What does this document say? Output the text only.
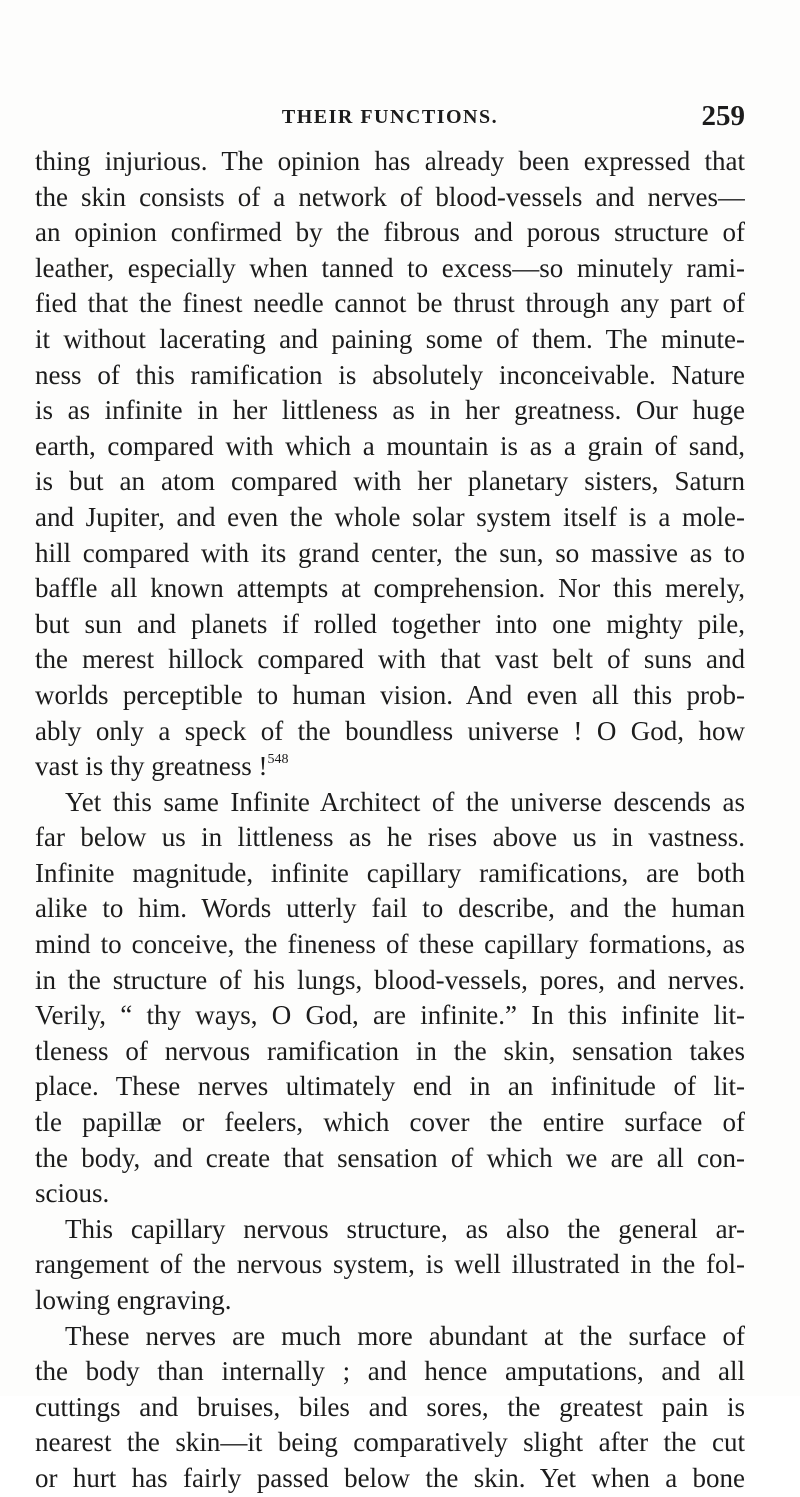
THEIR FUNCTIONS.	259
thing injurious. The opinion has already been expressed that
the skin consists of a network of blood-vessels and nerves—
an opinion confirmed by the fibrous and porous structure of
leather, especially when tanned to excess—so minutely rami-
fied that the finest needle cannot be thrust through any part of
it without lacerating and paining some of them. The minute-
ness of this ramification is absolutely inconceivable. Nature
is as infinite in her littleness as in her greatness. Our huge
earth, compared with which a mountain is as a grain of sand,
is but an atom compared with her planetary sisters, Saturn
and Jupiter, and even the whole solar system itself is a mole-
hill compared with its grand center, the sun, so massive as to
baffle all known attempts at comprehension. Nor this merely,
but sun and planets if rolled together into one mighty pile,
the merest hillock compared with that vast belt of suns and
worlds perceptible to human vision. And even all this prob-
ably only a speck of the boundless universe ! O God, how
vast is thy greatness !$^{548}$
Yet this same Infinite Architect of the universe descends as
far below us in littleness as he rises above us in vastness.
Infinite magnitude, infinite capillary ramifications, are both
alike to him. Words utterly fail to describe, and the human
mind to conceive, the fineness of these capillary formations, as
in the structure of his lungs, blood-vessels, pores, and nerves.
Verily, “ thy ways, O God, are infinite.” In this infinite lit-
tleness of nervous ramification in the skin, sensation takes
place. These nerves ultimately end in an infinitude of lit-
tle papillæ or feelers, which cover the entire surface of
the body, and create that sensation of which we are all con-
scious.
This capillary nervous structure, as also the general ar-
rangement of the nervous system, is well illustrated in the fol-
lowing engraving.
These nerves are much more abundant at the surface of
the body than internally ; and hence amputations, and all
cuttings and bruises, biles and sores, the greatest pain is
nearest the skin—it being comparatively slight after the cut
or hurt has fairly passed below the skin. Yet when a bone
